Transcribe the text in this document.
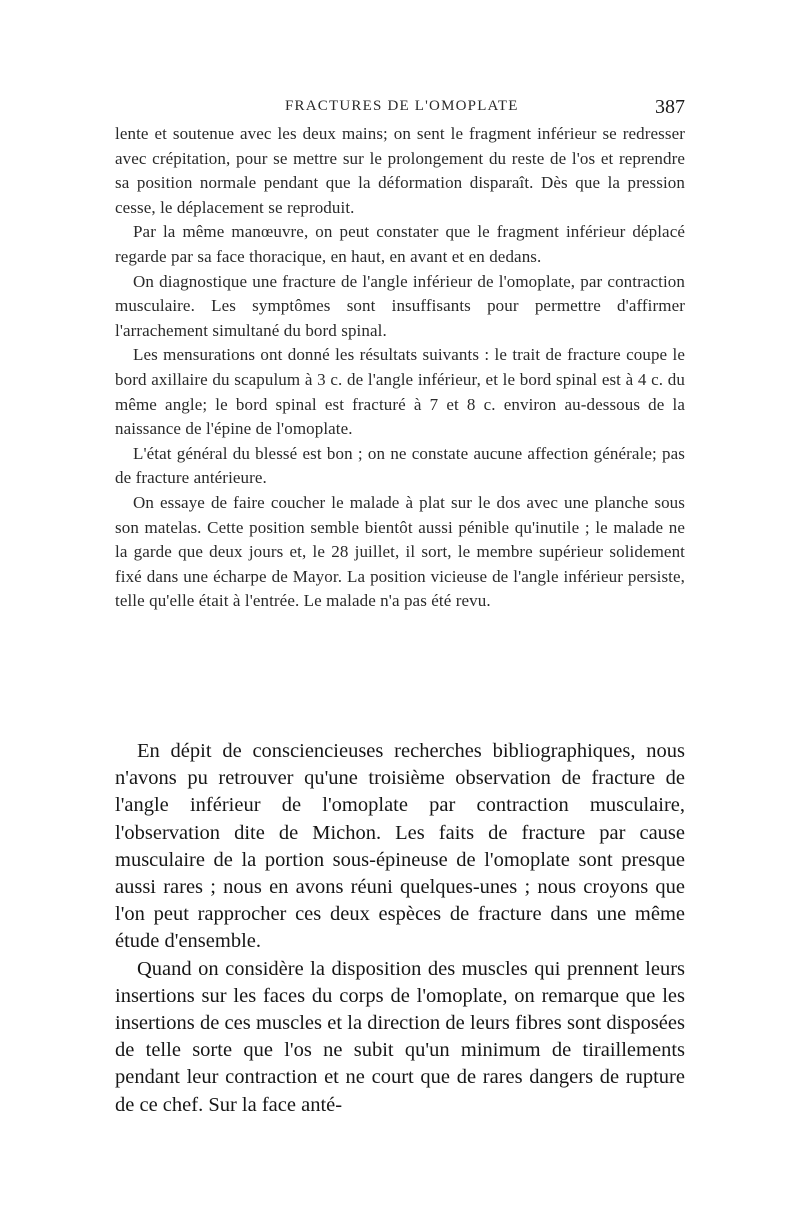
FRACTURES DE L'OMOPLATE	387

lente et soutenue avec les deux mains; on sent le fragment inférieur se redresser avec crépitation, pour se mettre sur le prolongement du reste de l'os et reprendre sa position normale pendant que la déformation disparaît. Dès que la pression cesse, le déplacement se reproduit.

Par la même manœuvre, on peut constater que le fragment inférieur déplacé regarde par sa face thoracique, en haut, en avant et en dedans.

On diagnostique une fracture de l'angle inférieur de l'omoplate, par contraction musculaire. Les symptômes sont insuffisants pour permettre d'affirmer l'arrachement simultané du bord spinal.

Les mensurations ont donné les résultats suivants : le trait de fracture coupe le bord axillaire du scapulum à 3 c. de l'angle inférieur, et le bord spinal est à 4 c. du même angle; le bord spinal est fracturé à 7 et 8 c. environ au-dessous de la naissance de l'épine de l'omoplate.

L'état général du blessé est bon ; on ne constate aucune affection générale; pas de fracture antérieure.

On essaye de faire coucher le malade à plat sur le dos avec une planche sous son matelas. Cette position semble bientôt aussi pénible qu'inutile ; le malade ne la garde que deux jours et, le 28 juillet, il sort, le membre supérieur solidement fixé dans une écharpe de Mayor. La position vicieuse de l'angle inférieur persiste, telle qu'elle était à l'entrée. Le malade n'a pas été revu.

En dépit de consciencieuses recherches bibliographiques, nous n'avons pu retrouver qu'une troisième observation de fracture de l'angle inférieur de l'omoplate par contraction musculaire, l'observation dite de Michon. Les faits de fracture par cause musculaire de la portion sous-épineuse de l'omoplate sont presque aussi rares ; nous en avons réuni quelques-unes ; nous croyons que l'on peut rapprocher ces deux espèces de fracture dans une même étude d'ensemble.

Quand on considère la disposition des muscles qui prennent leurs insertions sur les faces du corps de l'omoplate, on remarque que les insertions de ces muscles et la direction de leurs fibres sont disposées de telle sorte que l'os ne subit qu'un minimum de tiraillements pendant leur contraction et ne court que de rares dangers de rupture de ce chef. Sur la face anté-
